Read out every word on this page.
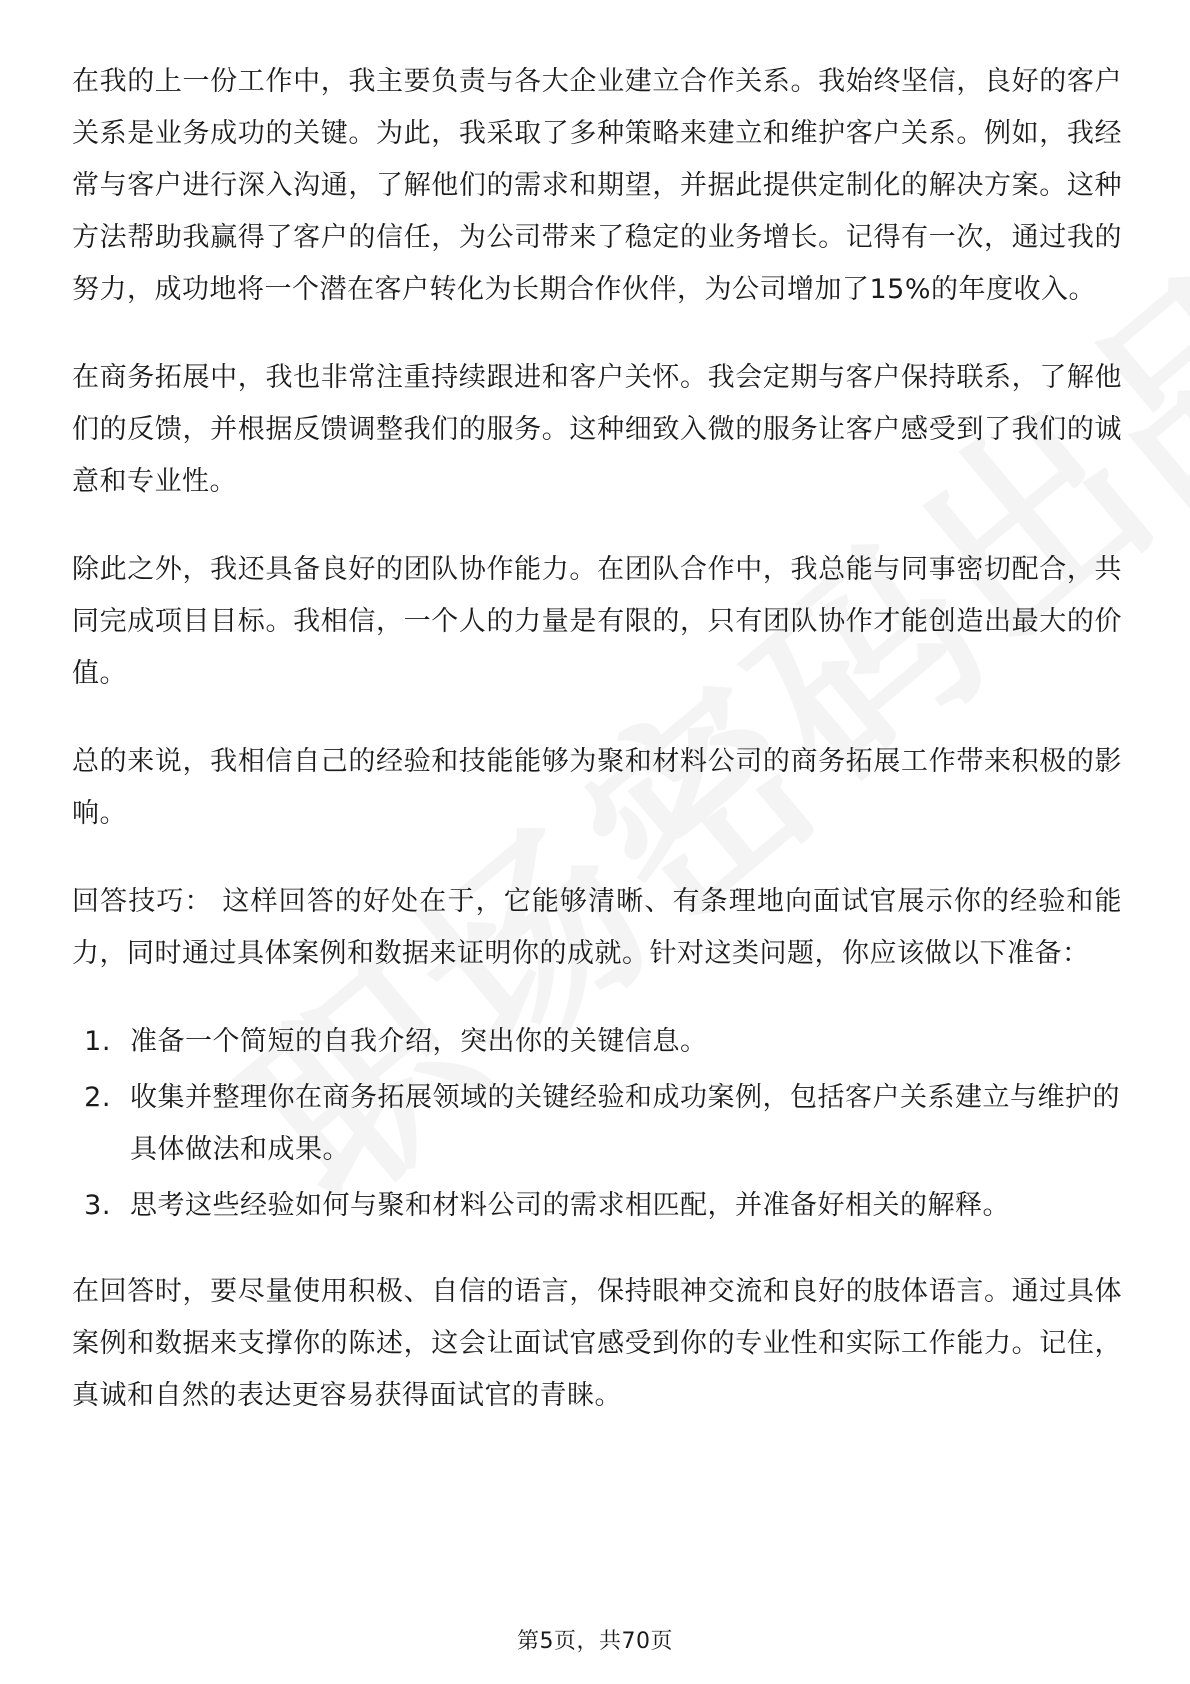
在我的上一份工作中，我主要负责与各大企业建立合作关系。我始终坚信，良好的客户关系是业务成功的关键。为此，我采取了多种策略来建立和维护客户关系。例如，我经常与客户进行深入沟通，了解他们的需求和期望，并据此提供定制化的解决方案。这种方法帮助我赢得了客户的信任，为公司带来了稳定的业务增长。记得有一次，通过我的努力，成功地将一个潜在客户转化为长期合作伙伴，为公司增加了15%的年度收入。

在商务拓展中，我也非常注重持续跟进和客户关怀。我会定期与客户保持联系，了解他们的反馈，并根据反馈调整我们的服务。这种细致入微的服务让客户感受到了我们的诚意和专业性。

除此之外，我还具备良好的团队协作能力。在团队合作中，我总能与同事密切配合，共同完成项目目标。我相信，一个人的力量是有限的，只有团队协作才能创造出最大的价值。

总的来说，我相信自己的经验和技能能够为聚和材料公司的商务拓展工作带来积极的影响。

回答技巧： 这样回答的好处在于，它能够清晰、有条理地向面试官展示你的经验和能力，同时通过具体案例和数据来证明你的成就。针对这类问题，你应该做以下准备：

1. 准备一个简短的自我介绍，突出你的关键信息。
2. 收集并整理你在商务拓展领域的关键经验和成功案例，包括客户关系建立与维护的具体做法和成果。
3. 思考这些经验如何与聚和材料公司的需求相匹配，并准备好相关的解释。

在回答时，要尽量使用积极、自信的语言，保持眼神交流和良好的肢体语言。通过具体案例和数据来支撑你的陈述，这会让面试官感受到你的专业性和实际工作能力。记住，真诚和自然的表达更容易获得面试官的青睐。

第5页，共70页
